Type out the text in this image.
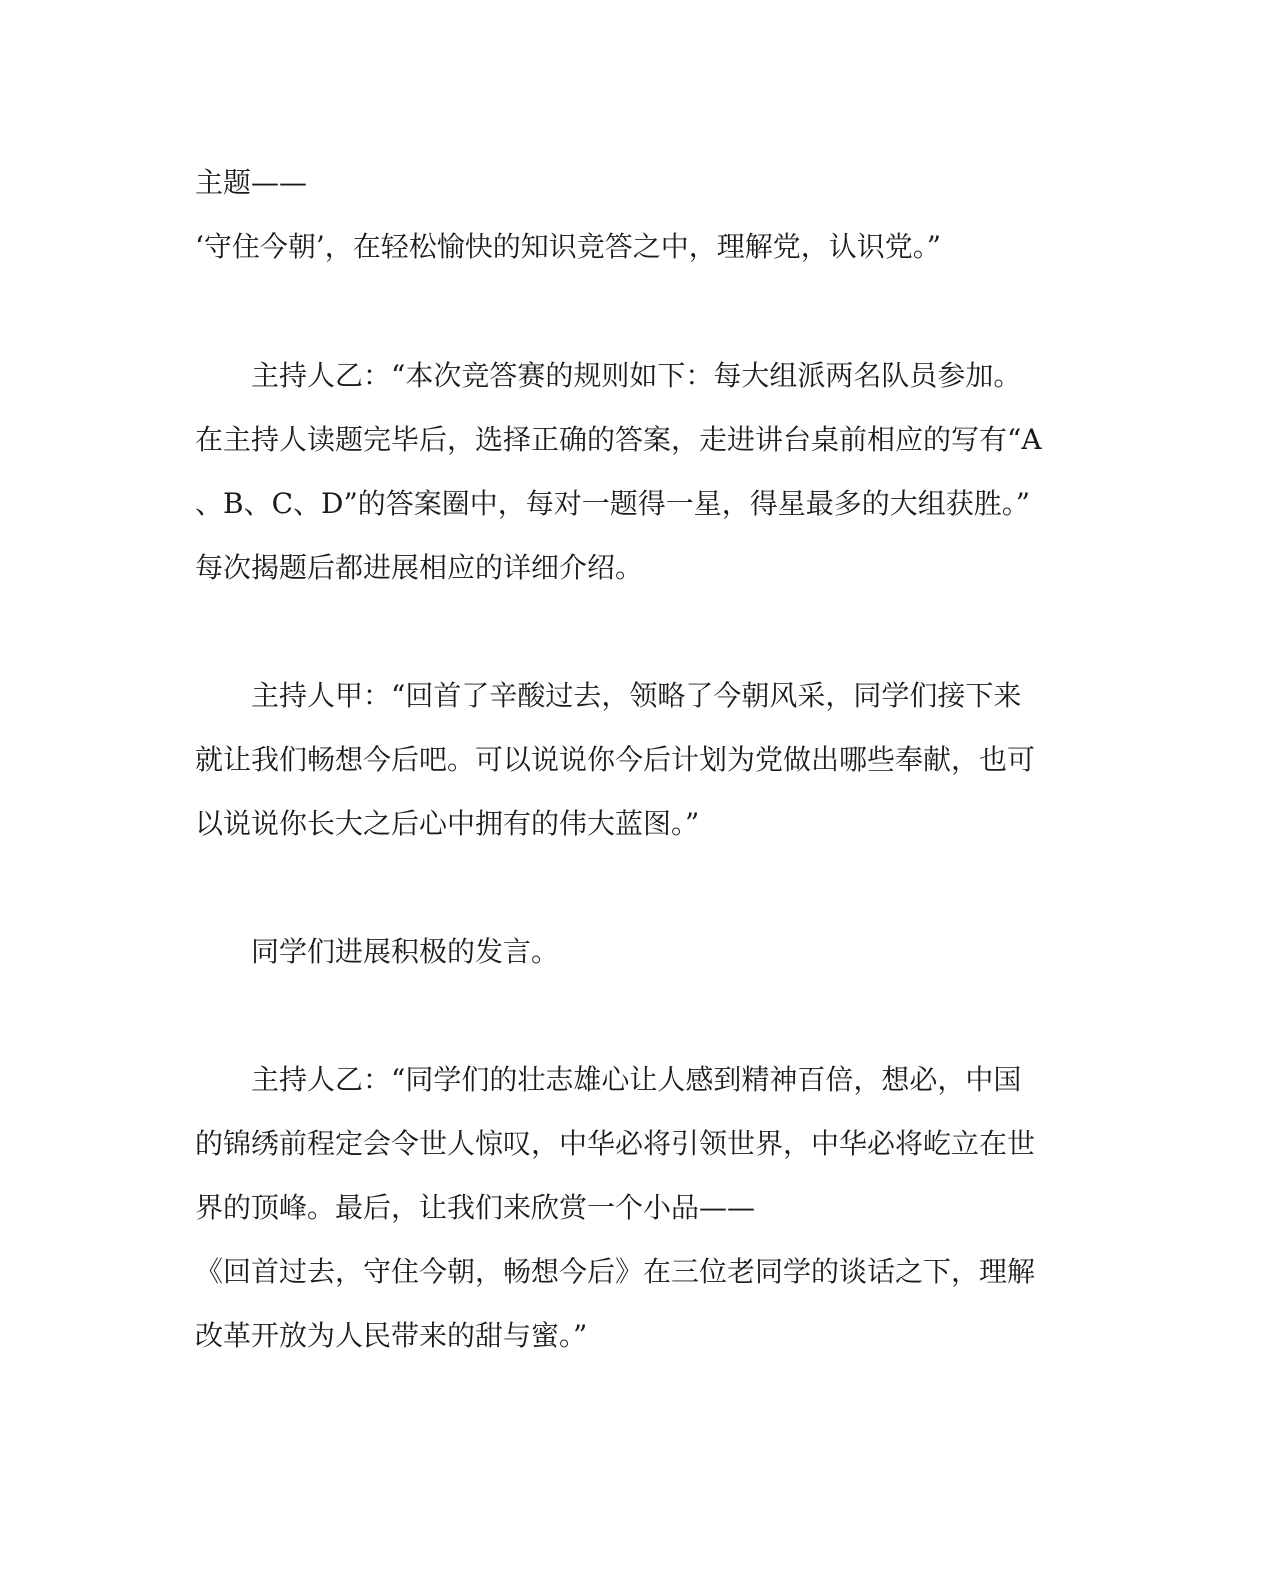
主题——

‘守住今朝’，在轻松愉快的知识竞答之中，理解党，认识党。”

主持人乙：“本次竞答赛的规则如下：每大组派两名队员参加。

在主持人读题完毕后，选择正确的答案，走进讲台桌前相应的写有“A

、B、C、D”的答案圈中，每对一题得一星，得星最多的大组获胜。”

每次揭题后都进展相应的详细介绍。

主持人甲：“回首了辛酸过去，领略了今朝风采，同学们接下来

就让我们畅想今后吧。可以说说你今后计划为党做出哪些奉献，也可

以说说你长大之后心中拥有的伟大蓝图。”

同学们进展积极的发言。

主持人乙：“同学们的壮志雄心让人感到精神百倍，想必，中国

的锦绣前程定会令世人惊叹，中华必将引领世界，中华必将屹立在世

界的顶峰。最后，让我们来欣赏一个小品——

《回首过去，守住今朝，畅想今后》在三位老同学的谈话之下，理解

改革开放为人民带来的甜与蜜。”
